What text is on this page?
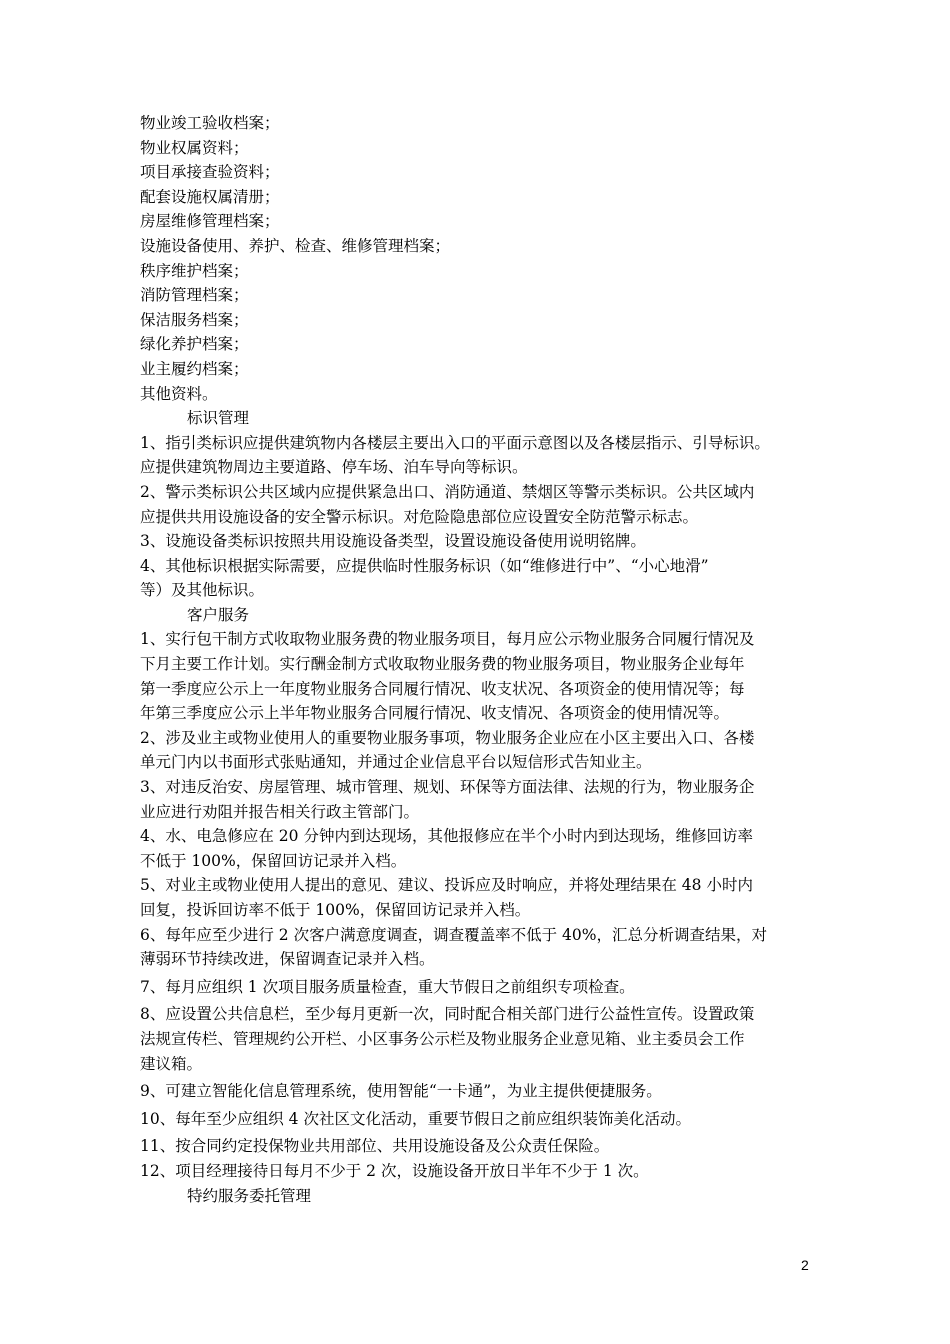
物业竣工验收档案；

物业权属资料；

项目承接查验资料；

配套设施权属清册；

房屋维修管理档案；

设施设备使用、养护、检查、维修管理档案；

秩序维护档案；

消防管理档案；

保洁服务档案；

绿化养护档案；

业主履约档案；

其他资料。

标识管理

1、指引类标识应提供建筑物内各楼层主要出入口的平面示意图以及各楼层指示、引导标识。

应提供建筑物周边主要道路、停车场、泊车导向等标识。

2、警示类标识公共区域内应提供紧急出口、消防通道、禁烟区等警示类标识。公共区域内

应提供共用设施设备的安全警示标识。对危险隐患部位应设置安全防范警示标志。

3、设施设备类标识按照共用设施设备类型，设置设施设备使用说明铭牌。

4、其他标识根据实际需要，应提供临时性服务标识（如“维修进行中”、“小心地滑”

等）及其他标识。

客户服务

1、实行包干制方式收取物业服务费的物业服务项目，每月应公示物业服务合同履行情况及

下月主要工作计划。实行酬金制方式收取物业服务费的物业服务项目，物业服务企业每年

第一季度应公示上一年度物业服务合同履行情况、收支状况、各项资金的使用情况等；每

年第三季度应公示上半年物业服务合同履行情况、收支情况、各项资金的使用情况等。

2、涉及业主或物业使用人的重要物业服务事项，物业服务企业应在小区主要出入口、各楼

单元门内以书面形式张贴通知，并通过企业信息平台以短信形式告知业主。

3、对违反治安、房屋管理、城市管理、规划、环保等方面法律、法规的行为，物业服务企

业应进行劝阻并报告相关行政主管部门。

4、水、电急修应在 20 分钟内到达现场，其他报修应在半个小时内到达现场，维修回访率

不低于 100%，保留回访记录并入档。

5、对业主或物业使用人提出的意见、建议、投诉应及时响应，并将处理结果在 48 小时内

回复，投诉回访率不低于 100%，保留回访记录并入档。

6、每年应至少进行 2 次客户满意度调查，调查覆盖率不低于 40%，汇总分析调查结果，对

薄弱环节持续改进，保留调查记录并入档。

7、每月应组织 1 次项目服务质量检查，重大节假日之前组织专项检查。

8、应设置公共信息栏，至少每月更新一次，同时配合相关部门进行公益性宣传。设置政策

法规宣传栏、管理规约公开栏、小区事务公示栏及物业服务企业意见箱、业主委员会工作

建议箱。

9、可建立智能化信息管理系统，使用智能“一卡通”，为业主提供便捷服务。

10、每年至少应组织 4 次社区文化活动，重要节假日之前应组织装饰美化活动。

11、按合同约定投保物业共用部位、共用设施设备及公众责任保险。

12、项目经理接待日每月不少于 2 次，设施设备开放日半年不少于 1 次。

特约服务委托管理

2
